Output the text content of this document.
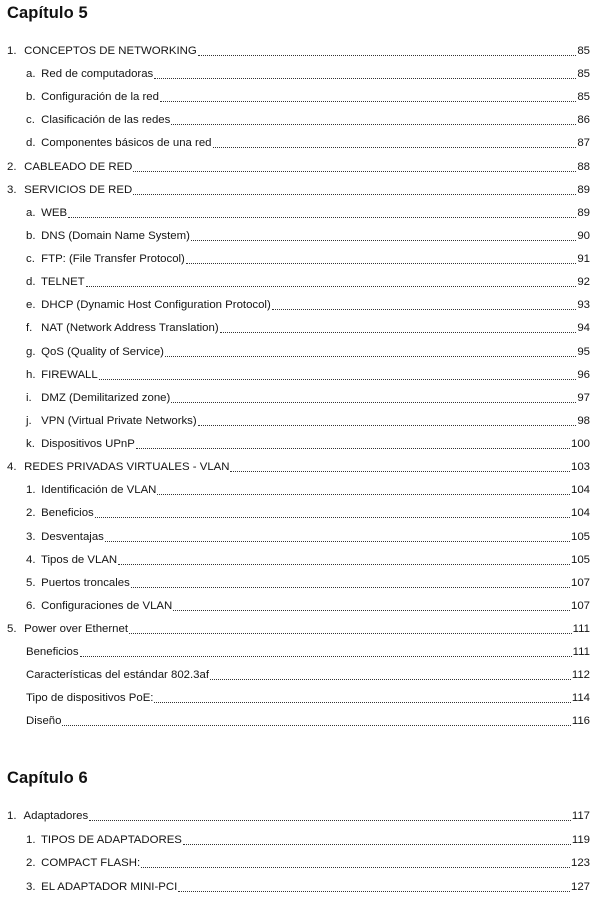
Capítulo 5
1. CONCEPTOS DE NETWORKING	85
a. Red de computadoras	85
b. Configuración de la red	85
c. Clasificación de las redes	86
d. Componentes básicos de una red	87
2. CABLEADO DE RED	88
3. SERVICIOS DE RED	89
a. WEB	89
b. DNS (Domain Name System)	90
c. FTP: (File Transfer Protocol)	91
d. TELNET	92
e. DHCP (Dynamic Host Configuration Protocol)	93
f. NAT (Network Address Translation)	94
g. QoS (Quality of Service)	95
h. FIREWALL	96
i. DMZ (Demilitarized zone)	97
j. VPN (Virtual Private Networks)	98
k. Dispositivos UPnP	100
4. REDES PRIVADAS VIRTUALES - VLAN	103
1. Identificación de VLAN	104
2. Beneficios	104
3. Desventajas	105
4. Tipos de VLAN	105
5. Puertos troncales	107
6. Configuraciones de VLAN	107
5. Power over Ethernet	111
Beneficios	111
Características del estándar 802.3af	112
Tipo de dispositivos PoE:	114
Diseño	116
Capítulo 6
1. Adaptadores	117
1. TIPOS DE ADAPTADORES	119
2. COMPACT FLASH:	123
3. EL ADAPTADOR MINI-PCI	127
